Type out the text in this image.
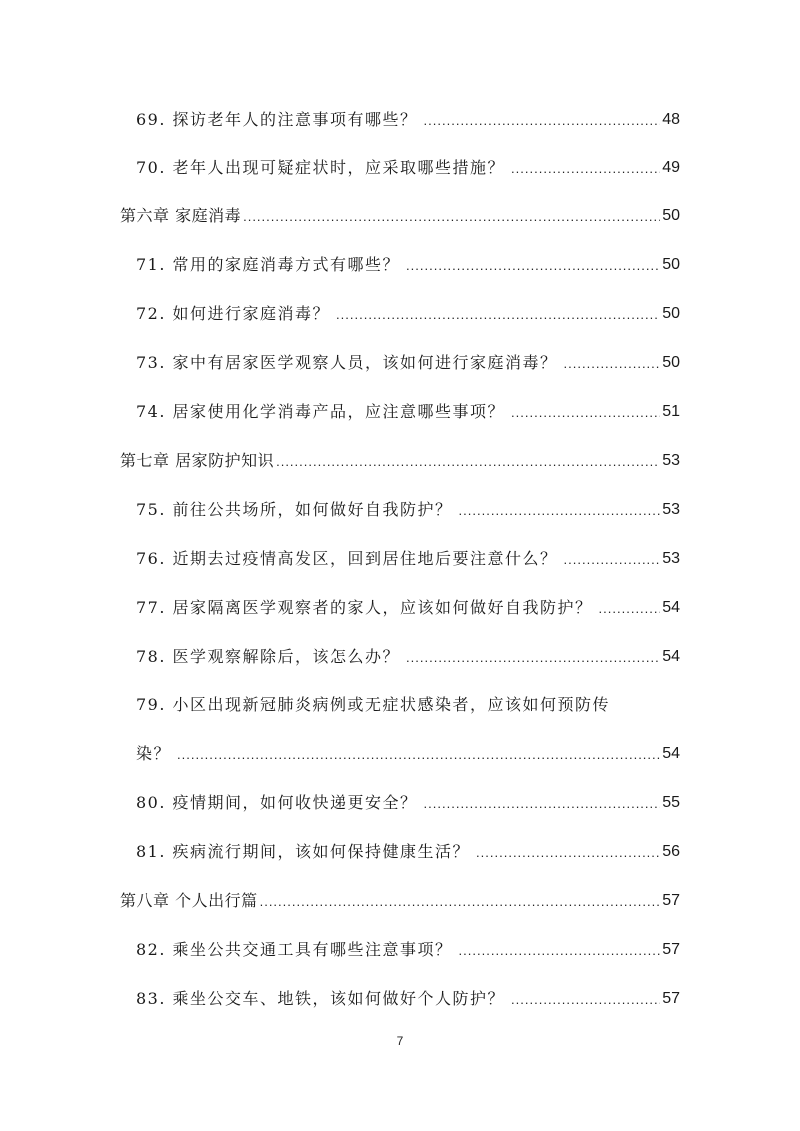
69. 探访老年人的注意事项有哪些？ .....	48
70. 老年人出现可疑症状时，应采取哪些措施？ .....	49
第六章 家庭消毒 .....	50
71. 常用的家庭消毒方式有哪些？ .....	50
72. 如何进行家庭消毒？ .....	50
73. 家中有居家医学观察人员，该如何进行家庭消毒？ .....	50
74. 居家使用化学消毒产品，应注意哪些事项？ .....	51
第七章 居家防护知识 .....	53
75. 前往公共场所，如何做好自我防护？ .....	53
76. 近期去过疫情高发区，回到居住地后要注意什么？ .....	53
77. 居家隔离医学观察者的家人，应该如何做好自我防护？ .....	54
78. 医学观察解除后，该怎么办？ .....	54
79. 小区出现新冠肺炎病例或无症状感染者，应该如何预防传
染？ .....	54
80. 疫情期间，如何收快递更安全？ .....	55
81. 疾病流行期间，该如何保持健康生活？ .....	56
第八章 个人出行篇 .....	57
82. 乘坐公共交通工具有哪些注意事项？ .....	57
83. 乘坐公交车、地铁，该如何做好个人防护？ .....	57
7
